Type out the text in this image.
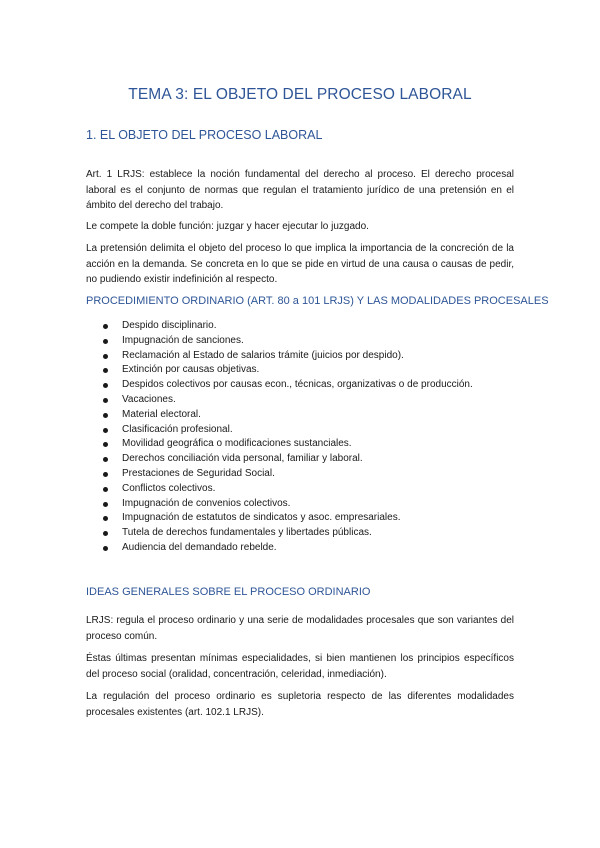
TEMA 3: EL OBJETO DEL PROCESO LABORAL
1. EL OBJETO DEL PROCESO LABORAL
Art. 1 LRJS: establece la noción fundamental del derecho al proceso. El derecho procesal laboral es el conjunto de normas que regulan el tratamiento jurídico de una pretensión en el ámbito del derecho del trabajo.
Le compete la doble función: juzgar y hacer ejecutar lo juzgado.
La pretensión delimita el objeto del proceso lo que implica la importancia de la concreción de la acción en la demanda. Se concreta en lo que se pide en virtud de una causa o causas de pedir, no pudiendo existir indefinición al respecto.
PROCEDIMIENTO ORDINARIO (ART. 80 a 101 LRJS) Y LAS MODALIDADES PROCESALES
Despido disciplinario.
Impugnación de sanciones.
Reclamación al Estado de salarios trámite (juicios por despido).
Extinción por causas objetivas.
Despidos colectivos por causas econ., técnicas, organizativas o de producción.
Vacaciones.
Material electoral.
Clasificación profesional.
Movilidad geográfica o modificaciones sustanciales.
Derechos conciliación vida personal, familiar y laboral.
Prestaciones de Seguridad Social.
Conflictos colectivos.
Impugnación de convenios colectivos.
Impugnación de estatutos de sindicatos y asoc. empresariales.
Tutela de derechos fundamentales y libertades públicas.
Audiencia del demandado rebelde.
IDEAS GENERALES SOBRE EL PROCESO ORDINARIO
LRJS: regula el proceso ordinario y una serie de modalidades procesales que son variantes del proceso común.
Éstas últimas presentan mínimas especialidades, si bien mantienen los principios específicos del proceso social (oralidad, concentración, celeridad, inmediación).
La regulación del proceso ordinario es supletoria respecto de las diferentes modalidades procesales existentes (art. 102.1 LRJS).
